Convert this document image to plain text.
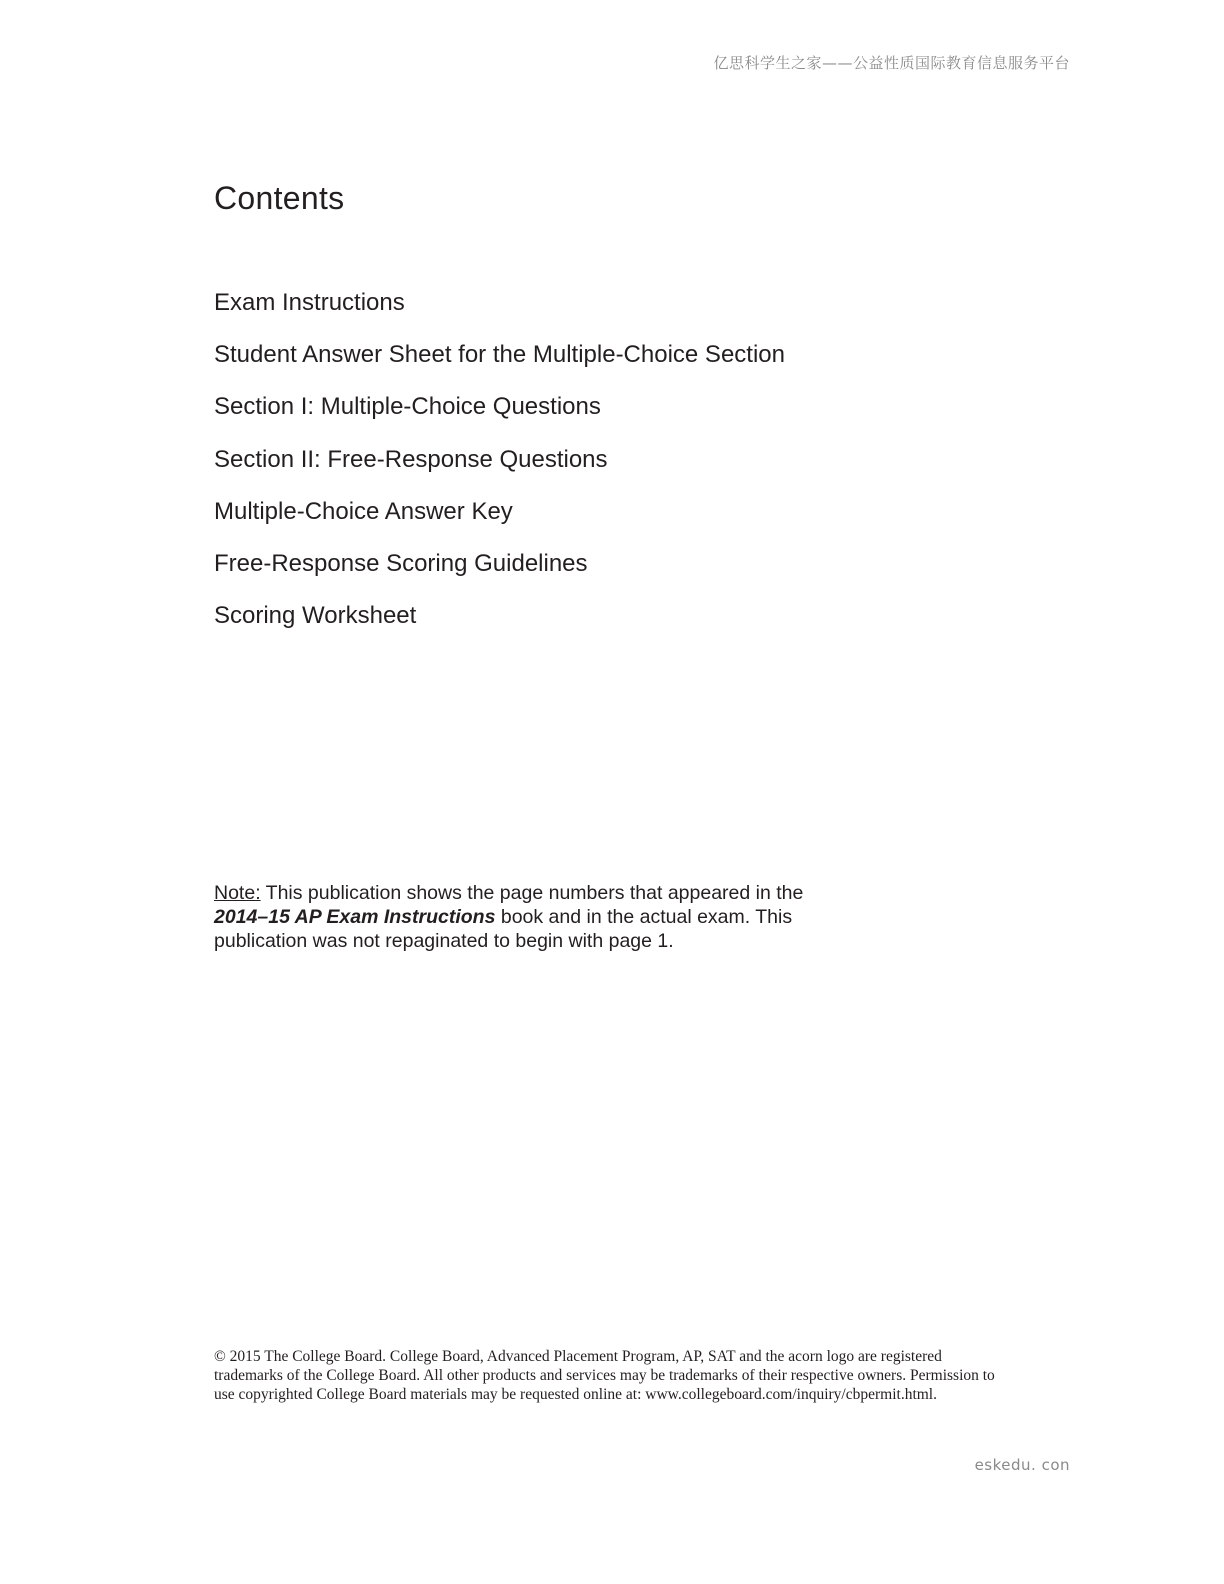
亿思科学生之家——公益性质国际教育信息服务平台
Contents
Exam Instructions
Student Answer Sheet for the Multiple-Choice Section
Section I: Multiple-Choice Questions
Section II: Free-Response Questions
Multiple-Choice Answer Key
Free-Response Scoring Guidelines
Scoring Worksheet

Note: This publication shows the page numbers that appeared in the 2014–15 AP Exam Instructions book and in the actual exam. This publication was not repaginated to begin with page 1.

© 2015 The College Board. College Board, Advanced Placement Program, AP, SAT and the acorn logo are registered trademarks of the College Board. All other products and services may be trademarks of their respective owners. Permission to use copyrighted College Board materials may be requested online at: www.collegeboard.com/inquiry/cbpermit.html.

eskedu. con
